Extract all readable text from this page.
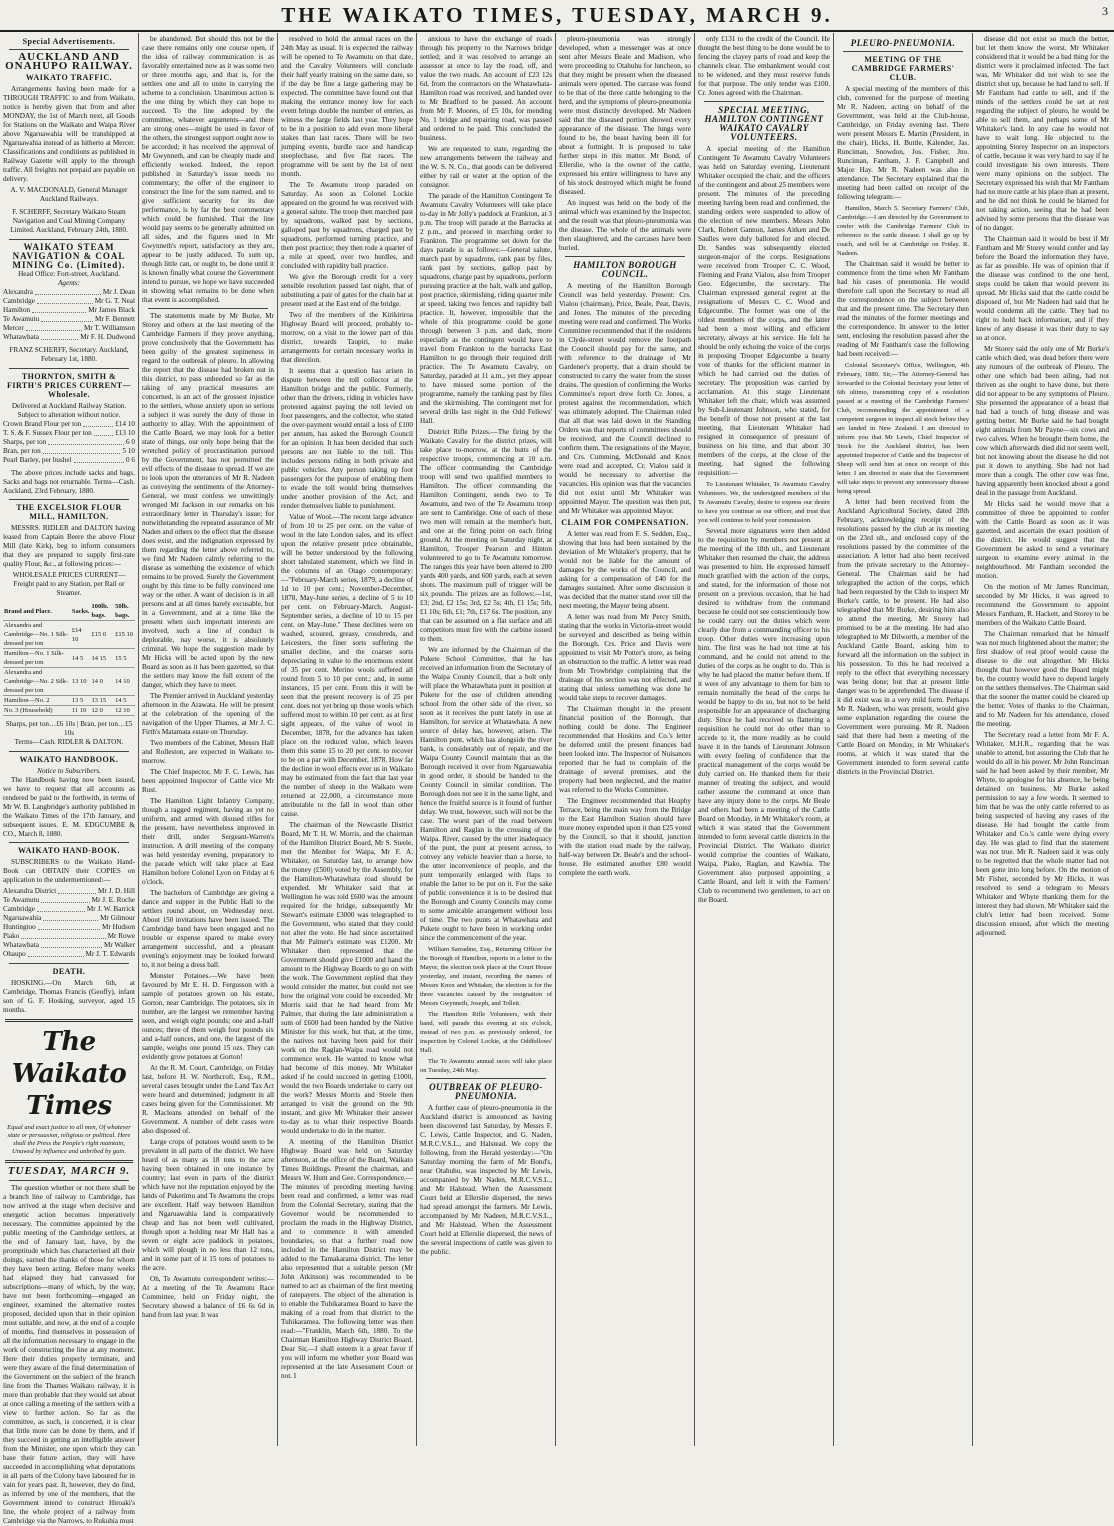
THE WAIKATO TIMES, TUESDAY, MARCH 9.	3
Special Advertisements.
AUCKLAND AND ONAHUPO RAILWAY.
WAIKATO TRAFFIC.
Arrangements having been made for a THROUGH TRAFFIC to and from Waikato, notice is hereby given that from and after MONDAY, the 1st of March next, all Goods for Stations on the Waikato and Waipa River above Ngaruawahia will be transhipped at Ngaruawahia instead of as hitherto at Mercer. Classifications and conditions as published in Railway Gazette will apply to the through traffic. All freights not prepaid are payable on delivery.
A. V. MACDONALD, General Manager Auckland Railways.
F. SCHERFF, Secretary Waikato Steam Navigation and Coal Mining Company Limited. Auckland, February 24th, 1880.
WAIKATO STEAM NAVIGATION & COAL MINING Co. (Limited).
Head Office: Fort-street, Auckland.
Agents:
Alexandra	Mr J. Dean
Cambridge	Mr G. T. Neal
Hamilton	Mr James Black
Te Awamutu	Mr F. Bennett
Mercer	Mr T. Williamson
Whatawhata	Mr F. H. Dudwood
FRANZ SCHERFF, Secretary. Auckland, February 1st, 1880.
THORNTON, SMITH & FIRTH'S PRICES CURRENT—Wholesale.
Delivered at Auckland Railway Station. Subject to alteration without notice.
Crown Brand Flour per ton	£14 10
T. S. & F. Sussex Flour per ton	£13 10
Sharps, per ton	6 0
Bran, per ton	5 10
Pearl Barley, per bushel	0 6
The above prices include sacks and bags. Sacks and bags not returnable. Terms—Cash. Auckland, 23rd February, 1880.
THE EXCELSIOR FLOUR MILL, HAMILTON.
MESSRS. RIDLER and DALTON having leased from Captain Beere the above Flour Mill (late Kirk), beg to inform consumers that they are prepared to supply first-rate quality Flour, &c., at following prices:—
WHOLESALE PRICES CURRENT—Freight paid to any Station, per Rail or Steamer.
Brand and Place.	Sacks.	100lb. bags.	50lb. bags.
Alexandra and Cambridge—No. 1 Silk-dressed per ton	£14 10	£15 0	£15 10
Hamilton—No. 1 Silk-dressed per ton	14 5	14 15	15 5
Alexandra and Cambridge—No. 2 Silk-dressed per ton	13 10	14 0	14 10
Hamilton—No. 2	13 5	13 15	14 5
No. 3 (Household)	11 10	12 0	12 10
Sharps, per ton…£6 10s | Bran, per ton…£5 10s
Terms—Cash. RIDLER & DALTON.
WAIKATO HANDBOOK.
Notice to Subscribers.
The Handbook having now been issued, we have to request that all accounts as rendered be paid to the forthwith, in terms of Mr W. B. Langbridge's authority published in the Waikato Times of the 17th January, and subsequent issues. E. M. EDGCUMBE & CO., March 8, 1880.
WAIKATO HAND-BOOK.
SUBSCRIBERS to the Waikato Hand-Book can OBTAIN their COPIES on application to the undermentioned:—
Alexandra District	Mr J. D. Hill
Te Awamutu	Mr J. E. Roche
Cambridge	Mr J. W. Barrick
Ngaruawahia	Mr Gilmour
Huntingtoo	Mr Hudson
Piako	Mr Rowe
Whatawhata	Mr Walker
Ohaupo	Mr J. T. Edwards
DEATH.
HOSKING.—On March 6th, at Cambridge, Thomas Francis (Geoffy), infant son of G. F. Hosking, surveyor, aged 15 months.
The Waikato Times
Equal and exact justice to all men, Of whatever state or persuasion, religious or political. Here shall the Press the People's right maintain, Unawed by influence and unbribed by gain.
TUESDAY, MARCH 9.
The question whether or not there shall be a branch line of railway to Cambridge, has now arrived at the stage when decisive and energetic action becomes imperatively necessary. The committee appointed by the public meeting of the Cambridge settlers, at the end of January last, have, by the promptitude which has characterised all their doings, earned the thanks of those for whom they have been acting. Before many weeks had elapsed they had canvassed for subscriptions—many of which, by the way, have not been forthcoming—engaged an engineer, examined the alternative routes proposed, decided upon that in their opinion most suitable, and now, at the end of a couple of months, find themselves in possession of all the information necessary to engage in the work of constructing the line at any moment. Here their duties properly terminate, and were they aware of the final determination of the Government on the subject of the branch line from the Thames Waikato railway, it is more than probable that they would set about at once calling a meeting of the settlers with a view to further action. So far as the committee, as such, is concerned, it is clear that little more can be done by them, and if they succeed in getting an intelligible answer from the Minister, one upon which they can base their future action, they will have succeeded in accomplishing what deputations in all parts of the Colony have laboured for in vain for years past. It, however, they do find, as inferred by one of the members, that the Government intend to construct Hiroaki's line, the whole project of a railway from Cambridge via the Narrows, to Rukuhia must
be abandoned. But should this not be the case there remains only one course open, if the idea of railway communication is as favorably entertained now as it was some two or three months ago, and that is, for the settlers one and all to unite in carrying the scheme to a conclusion. Unanimous action is the one thing by which they can hope to succeed. To the line adopted by the committee, whatever arguments—and there are strong ones—might be used in favor of the others, the strongest support ought now to be accorded; it has received the approval of Mr Gwynneth, and can be cheaply made and efficiently worked. Indeed, the report published in Saturday's issue needs no commentary; the offer of the engineer to construct the line for the sum named, and to give sufficient security for its due performance, is by far the best commentary which could be furnished. That the line would pay seems to be generally admitted on all sides, and the figures used in Mr Gwynneth's report, satisfactory as they are, appear to be justly adduced. To sum up, though little can, or ought to, be done until it is known finally what course the Government intend to pursue, we hope we have succeeded in showing what remains to be done when that event is accomplished.
The statements made by Mr Burke, Mr Storey and others at the last meeting of the Cambridge Farmers if they prove anything, prove conclusively that the Government has been guilty of the greatest supineness in regard to the outbreak of pleuro. In allowing the report that the disease had broken out in this district, to pass unheeded so far as the taking of any practical measures are concerned, is an act of the grossest injustice to the settlers, whose anxiety upon so serious a subject it was surely the duty of those in authority to allay. With the appointment of the Cattle Board, we may look for a better state of things, our only hope being that the wretched policy of procrastination pursued by the Government, has not permitted the evil effects of the disease to spread. If we are to look upon the utterances of Mr R. Nadeen as conveying the sentiments of the Attorney-General, we must confess we unwittingly wronged Mr Jackson in our remarks on his extraordinary letter in Thursday's issue; for notwithstanding the repeated assurance of Mr Naden and others to the effect that the disease does exist, and the indignation expressed by them regarding the letter above referred to, we find Mr Nadeen calmly referring to the disease as something the existence of which remains to be proved. Surely the Government ought by this time to be fully convinced one way or the other. A want of decision is in all persons and at all times barely excusable, but in a Government, and at a time like the present when such important interests are involved, such a line of conduct is deplorable, nay worse, it is absolutely criminal. We hope the suggestion made by Mr Hicks will be acted upon by the new Board as soon as it has been gazetted, so that the settlers may know the full extent of the danger, which they have to meet.
The Premier arrived in Auckland yesterday afternoon in the Arawata. He will be present at the celebration of the opening of the navigation of the Upper Thames, at Mr J. C. Firth's Matamata estate on Thursday.
Two members of the Cabinet, Messrs Hall and Rolleston, are expected in Waikato to-morrow.
The Chief Inspector, Mr F. C. Lewis, has been appointed Inspector of Cattle vice Mr Rust.
The Hamilton Light Infantry Company, though a ragged regiment, having as yet no uniform, and armed with disused rifles for the present, have nevertheless improved in their drill, under Sergeant-Warren's instruction. A drill meeting of the company was held yesterday evening, preparatory to the parade which will take place at East Hamilton before Colonel Lyon on Friday at 6 o'clock.
The bachelors of Cambridge are giving a dance and supper in the Public Hall to the settlers round about, on Wednesday next. About 150 invitations have been issued. The Cambridge band have been engaged and no trouble or expense spared to make every arrangement successful, and a pleasant evening's enjoyment may be looked forward to, it not being a dress ball.
Monster Potatoes.—We have been favoured by Mr E. H. D. Fergusson with a sample of potatoes grown on his estate, Gorton, near Cambridge. The potatoes, six in number, are the largest we remember having seen, and weigh eight pounds; one and a-half ounces; three of them weigh four pounds six and a-half ounces, and one, the largest of the sample, weighs one pound 15 ozs. They can evidently grow potatoes at Gorton!
At the R. M. Court, Cambridge, on Friday last, before H. W. Northcroft, Esq., R.M., several cases brought under the Land Tax Act were heard and determined; judgment in all cases being given for the Commissioner. Mr R. Macleans attended on behalf of the Government. A number of debt cases were also disposed of.
Large crops of potatoes would seem to be prevalent in all parts of the district. We have heard of as many as 18 tons to the acre having been obtained in one instance by country; last even in parts of the district which have not the reputation enjoyed by the lands of Pukerimu and Te Awamutu the crops are excellent. Half way between Hamilton and Ngaruawahia land is comparatively cheap and has not been well cultivated, though upon a holding near Mr Hall has a seven or eight acre paddock in potatoes, which will plough in no less than 12 tons, and in some part of it 15 tons of potatoes to the acre.
Oh, Te Awamutu correspondent writes:—At a meeting of the Te Awamutu Race Committee, held on Friday night, the Secretary showed a balance of £6 6s 6d in hand from last year. It was
resolved to hold the annual races on the 24th May as usual. It is expected the railway will be opened to Te Awamutu on that date, and the Cavalry Volunteers will conclude their half yearly training on the same date, so if the day be fine a large gathering may be expected. The committee have found out that making the entrance money low for each event brings double the number of entries, as witness the large fields last year. They hope to be in a position to add even more liberal stakes than last races. There will be two jumping events, hurdle race and handicap steeplechase, and five flat races. The programme will be sent by the 1st of next month.
The Te Awamutu troop paraded on Saturday. As soon as Colonel Lockie appeared on the ground he was received with a general salute. The troop then marched past by squadrons, walked past by sections, galloped past by squadrons, charged past by squadrons, performed turning practice, and then post practice; they then rode a quarter of a mile at speed, over two hurdles, and concluded with rapidity ball practice.
We give the Borough credit for a very sensible resolution passed last night, that of substituting a pair of gates for the chain bar at present used at the East end of the bridge.
Two of the members of the Kirikiriroa Highway Board will proceed, probably to-morrow, on a visit to the lower part of this district, towards Taupiri, to make arrangements for certain necessary works in that direction.
It seems that a question has arisen in dispute between the toll collector at the Hamilton bridge and the public. Formerly, other than the drivers, riding in vehicles have protested against paying the toll levied on foot passengers, and the collector, who stated the over-payment would entail a loss of £100 per annum, has asked the Borough Council for an opinion. It has been decided that such persons are not liable to the toll. This includes persons riding in both private and public vehicles. Any person taking up foot passengers for the purpose of enabling them to evade the toll would bring themselves under another provision of the Act, and render themselves liable to punishment.
Value of Wool.—The recent large advance of from 10 to 25 per cent. on the value of wool in the late London sales, and its effect upon the relative present price obtainable, will be better understood by the following short tabulated statement, which we find in the columns of an Otago contemporary:—"February-March series, 1879, a decline of 1d to 10 per cent.; November-December, 1878, May-June series, a decline of 5 to 10 per cent. on February-March. August-September series, a decline of 10 to 15 per cent. on May-June." These declines were on washed, scoured, greasy, crossbreds, and Leicesters, the finer sorts suffering the smaller decline, and the coarser sorts depreciating in value to the enormous extent of 35 per cent. Merino wools suffered all round from 5 to 10 per cent.; and, in some instances, 15 per cent. From this it will be seen that the present recovery is of 25 per cent. does not yet bring up those wools which suffered most to within 10 per cent. as at first sight appears, of the value of wool in December, 1878, for the advance has taken place on the reduced value, which leaves them this some 15 to 20 per cent. to recover to be on a par with December, 1878. How far the decline in wool effects ever us in Waikato may be estimated from the fact that last year the number of sheep in the Waikato were returned at 22,000, a circumstance more attributable to the fall in wool than other cause.
The chairman of the Newcastle District Board, Mr T. H. W. Morris, and the chairman of the Hamilton District Board, Mr S. Steele, met the Member for Waipa, Mr F. A. Whitaker, on Saturday last, to arrange how the money (£500) voted by the Assembly, for the Hamilton-Whatawhata road should be expended. Mr Whitaker said that at Wellington he was told £600 was the amount required for the bridge, subsequently Mr Stewart's estimate £3000 was telegraphed to the Government, who stated that they could not alter the vote. He had since ascertained that Mr Palmer's estimate was £1200. Mr Whitaker then represented that the Government should give £1000 and hand the amount to the Highway Boards to go on with the work. The Government replied that they would consider the matter, but could not see how the original vote could be exceeded. Mr Morris said that he had heard from Mr Palmer, that during the late administration a sum of £600 had been handed by the Native Minister for this work, but that, at the time, the natives not having been paid for their work on the Raglan-Waipa road would not commence work. He wanted to know what had become of this money. Mr Whitaker asked if he could succeed in getting £1000, would the two Boards undertake to carry out the work? Messrs Morris and Steele then arranged to visit the ground on the 9th instant, and give Mr Whitaker their answer to-day as to what their respective Boards would undertake to do in the matter.
A meeting of the Hamilton District Highway Board was held on Saturday afternoon, at the office of the Board, Waikato Times Buildings. Present the chairman, and Messrs W. Hunt and Gee. Correspondence.—The minutes of preceding meeting having been read and confirmed, a letter was read from the Colonial Secretary, stating that the Governor would be recommended to proclaim the roads in the Highway District, and to commence it with amended boundaries, so that a further road now included in the Hamilton District may be added to the Tamakarama district. The letter also represented that a suitable person (Mr John Atkinson) was recommended to be named to act as chairman of the first meeting of ratepayers. The object of the alteration is to enable the Tuhikaramea Board to have the making of a road from that district to the Tuhikaramea. The following letter was then read:—"Franklin, March 6th, 1880. To the Chairman Hamilton Highway District Board. Dear Sir,—I shall esteem it a great favor if you will inform me whether your Board was represented at the late Assessment Court or not. I
anxious to have the exchange of roads through his property to the Narrows bridge settled; and it was resolved to arrange an assessor at once to lay the road, off, and value the two roads. An account of £23 12s 6d, from the contractors on the Whatawhata-Hamilton road was received, and handed over to Mr Bradford to be passed. An account from Mr F. Moores, of £5 10s, for mending No. 1 bridge and repairing road, was passed and ordered to be paid. This concluded the business.
We are requested to state, regarding the new arrangements between the railway and the W. S. N. Co., that goods can be delivered either by rail or water at the option of the consignor.
The parade of the Hamilton Contingent Te Awamutu Cavalry Volunteers will take place to-day in Mr Jolly's paddock at Frankton, at 3 p.m. The troop will parade at the Barracks at 2 p.m., and proceed in marching order to Frankton. The programme set down for the days parade is as follows:—General salute, march past by squadrons, rank past by files, rank past by sections, gallop past by squadrons, charge past by squadrons, perform pursuing practice at the halt, walk and gallop, post practice, skirmishing, riding quarter mile at speed, taking two fences and rapidity ball practice. It, however, impossible that the whole of this programme could be gone through between 3 p.m. and dark, more especially as the contingent would have to travel from Frankton to the barracks East Hamilton to go through their required drill practice. The Te Awamutu Cavalry, on Saturday, paraded at 11 a.m., yet they appear to have missed some portion of the programme, namely the ranking past by files and the skirmishing. The contingent met for several drills last night in the Odd Fellows' Hall.
District Rifle Prizes.—The firing by the Waikato Cavalry for the district prizes, will take place to-morrow, at the butts of the respective troops, commencing at 10 a.m. The officer commanding the Cambridge troop will send two qualified members to Hamilton. The officer commanding the Hamilton Contingent, sends two to Te Awamutu, and two of the Te Awamutu troop are sent to Cambridge. One of each of these two men will remain at the member's butt, and one at the firing point on each firing ground. At the meeting on Saturday night, at Hamilton, Trooper Pearson and Hinton volunteered to go to Te Awamutu tomorrow. The ranges this year have been altered to 200 yards 400 yards, and 600 yards, each at seven shots. The maximum pull of trigger will be six pounds. The prizes are as follows:—1st, £3; 2nd, £2 15s; 3rd, £2 5s; 4th, £1 15s; 5th, £1 10s; 6th, £1; 7th, £17 6s. The position, any that can be assumed on a flat surface and all competitors must fire with the carbine issued to them.
We are informed by the Chairman of the Pukete School Committee, that he has received an information from the Secretary of the Waipa County Council, that a bolt only will place the Whatawhata punt in position at Pukete for the use of children attending school from the other side of the river, so soon as it receives the punt lately in use at Hamilton, for service at Whatawhata. A new source of delay has, however, arisen. The Hamilton punt, which has alongside the river bank, is considerably out of repair, and the Waipa County Council maintain that as the Borough received it over from Ngaruawahia in good order, it should be handed to the County Council in similar condition. The Borough does not see it in the same light, and hence the fruitful source is it found of further delay. We trust, however, such will not be the case. The worst part of the road between Hamilton and Raglan is the crossing of the Waipa. River, caused by the utter inadequacy of the punt, the punt at present across, to convey any vehicle heavier than a horse, to the utter inconvenience of people, and the punt temporarily enlarged with flaps to enable the latter to be put on it. For the sake of public convenience it is to be desired that the Borough and County Councils may come to some amicable arrangement without loss of time. The two punts at Whatawhata and Pukete ought to have been in working order since the commencement of the year.
William Sarradine, Esq., Returning Officer for the Borough of Hamilton, reports in a letter to the Mayor, the election took place at the Court House yesterday, and instant, recording the names of Messrs Knox and Whitaker, the election is for the three vacancies caused by the resignation of Messrs Gwynneth, Joseph, and Tollett.
The Hamilton Rifle Volunteers, with their band, will parade this evening at six o'clock, instead of two p.m. as previously ordered, for inspection by Colonel Lockie, at the Oddfellows' Hall.
The Te Awamutu annual races will take place on Tuesday, 24th May.
OUTBREAK OF PLEURO-PNEUMONIA.
A further case of pleuro-pneumonia in the Auckland district is announced as having been discovered last Saturday, by Messrs F. C. Lewis, Cattle Inspector, and G. Naden, M.R.C.V.S.L., and Halstead. We copy the following, from the Herald yesterday:—"On Saturday morning the farm of Mr Bond's, near Otahuhu, was inspected by Mr Lewis, accompanied by Mr Naden, M.R.C.V.S.L., and Mr Halstead. When the Assessment Court held at Ellerslie dispersed, the news had spread amongst the farmers. Mr Lewis, accompanied by Mr Nadeen, M.R.C.V.S.L., and Mr Halstead. When the Assessment Court held at Ellerslie dispersed, the news of the several inspections of cattle was given to the public.
pleuro-pneumonia was strongly developed, when a messenger was at once sent after Messrs Beale and Madison, who were proceeding to Otahuhu for luncheon, so that they might be present when the diseased animals were opened. The carcase was found to be that of the three cattle belonging to the herd, and the symptoms of pleuro-pneumonia were most distinctly developed. Mr Nadeen said that the diseased portion showed every appearance of the disease. The lungs were found to be, the beast having been ill for about a fortnight. It is proposed to take further steps in this matter. Mr Bond, of Ellerslie, who is the owner of the cattle, expressed his entire willingness to have any of his stock destroyed which might be found diseased.
An inquest was held on the body of the animal which was examined by the Inspector, and the result was that pleuro-pneumonia was the disease. The whole of the animals were then slaughtered, and the carcases have been buried.
HAMILTON BOROUGH COUNCIL.
A meeting of the Hamilton Borough Council was held yesterday. Present: Crs. Vialou (chairman), Price, Beale, Peat, Davis, and Jones. The minutes of the preceding meeting were read and confirmed. The Works Committee recommended that if the residents in Clyde-street would remove the footpath the Council should pay for the same, and with reference to the drainage of Mr Gardener's property, that a drain should be constructed to carry the water from the street drains. The question of confirming the Works Committee's report drew forth Cr. Jones, a protest against the recommendation, which was ultimately adopted. The Chairman ruled that all that was laid down in the Standing Orders was that reports of committees should be received, and the Council declined to confirm them. The resignations of the Mayor, and Crs. Cumming, McDonald and Knox were read and accepted. Cr. Vialou said it would be necessary to advertise the vacancies. His opinion was that the vacancies did not exist until Mr Whitaker was appointed Mayor. The question was then put, and Mr Whitaker was appointed Mayor.
CLAIM FOR COMPENSATION.
A letter was read from F. S. Sedden, Esq., showing that loss had been sustained by the deviation of Mr Whitaker's property, that he would not be liable for the amount of damages by the works of the Council, and asking for a compensation of £40 for the damages sustained. After some discussion it was decided that the matter stand over till the next meeting, the Mayor being absent.
A letter was read from Mr Percy Smith, stating that the works in Victoria-street would be surveyed and described as being within the Borough. Crs. Price and Davis were appointed to visit Mr Potter's store, as being an obstruction to the traffic. A letter was read from Mr Trowbridge complaining that the drainage of his section was not effected, and stating that unless something was done he would take steps to recover damages.
The Chairman thought in the present financial position of the Borough, that nothing could be done. The Engineer recommended that Hoskins and Co.'s letter be deferred until the present finances had been looked into. The Inspector of Nuisances reported that he had to complain of the drainage of several premises, and the property had been neglected, and the matter was referred to the Works Committee.
The Engineer recommended that Heaphy Terrace, being the main way from the Bridge to the East Hamilton Station should have more money expended upon it than £25 voted by the Council, so that it should, junction with the station road made by the railway, half-way between Dr. Beale's and the school-house. He estimated another £80 would complete the earth work.
only £131 to the credit of the Council. He thought the best thing to be done would be to fencing the clayey parts of road and keep the channels clear. The embankment would cost to be widened, and they must reserve funds for that purpose. The only tender was £100. Cr. Jones agreed with the Chairman.
SPECIAL MEETING, HAMILTON CONTINGENT WAIKATO CAVALRY VOLUNTEERS.
A special meeting of the Hamilton Contingent Te Awamutu Cavalry Volunteers was held on Saturday evening, Lieutenant Whitaker occupied the chair, and the officers of the contingent and about 25 members were present. The minutes of the preceding meeting having been read and confirmed, the standing orders were suspended to allow of the election of new members. Messrs John Clark, Robert Gannon, James Aitken and De Saulles were duly balloted for and elected. Dr. Sandes was subsequently elected surgeon-major of the corps. Resignations were received from Trooper C. C. Wood, Fleming and Franz Vialou, also from Trooper Geo. Edgecumbe, the secretary. The Chairman expressed general regret at the resignations of Messrs C. C. Wood and Edgecumbe. The former was one of the oldest members of the corps, and the latter had been a most willing and efficient secretary, always at his service. He felt he should be only echoing the voice of the corps in proposing Trooper Edgecumbe a hearty vote of thanks for the efficient manner in which he had carried out the duties of secretary. The proposition was carried by acclamation. At this stage Lieutenant Whitaker left the chair, which was assumed by Sub-Lieutenant Johnson, who stated, for the benefit of those not present at the last meeting, that Lieutenant Whitaker had resigned in consequence of pressure of business on his time, and that about 30 members of the corps, at the close of the meeting, had signed the following requisition:—
To Lieutenant Whitaker, Te Awamutu Cavalry Volunteers. We, the undersigned members of the Te Awamutu Cavalry, desire to express our desire to have you continue as our officer, and trust that you will continue to hold your commission.
Several more signatures were then added to the requisition by members not present at the meeting of the 18th ult., and Lieutenant Whitaker then resumed the chair, the address was presented to him. He expressed himself much gratified with the action of the corps, and stated, for the information of those not present on a previous occasion, that he had desired to withdraw from the command because he could not see conscientiously how he could carry out the duties which were clearly due from a commanding officer to his troop. Other duties were increasing upon him. The first was he had not time at his command, and he could not attend to the duties of the corps as he ought to do. This is why he had placed the matter before them. If it were of any advantage to them for him to remain nominally the head of the corps he would be happy to do so, but not to be held responsible for an appearance of discharging duty. Since he had received so flattering a requisition he could not do other than to accede to it, the more readily as he could leave it in the hands of Lieutenant Johnson with every feeling of confidence that the practical management of the corps would be duly carried on. He thanked them for their manner of treating the subject, and would rather assume the command at once than have any injury done to the corps. Mr Beale and others had been a meeting of the Cattle Board on Monday, in Mr Whitaker's room, at which it was stated that the Government intended to form several cattle districts in the Provincial District. The Waikato district would comprise the counties of Waikato, Waipa, Piako, Raglan, and Kawhia. The Government also purposed appointing a Cattle Board, and left it with the Farmers' Club to recommend two gentlemen, to act on the Board.
PLEURO-PNEUMONIA.
MEETING OF THE CAMBRIDGE FARMERS' CLUB.
A special meeting of the members of this club, convened for the purpose of meeting Mr R. Nadeen, acting on behalf of the Government, was held at the Club-house, Cambridge, on Friday evening last. There were present Messrs E. Martin (President, in the chair), Hicks, H. Buttle, Kalender, Jas. Runciman, Snowdon, Jos. Fisher, Jno. Runciman, Fantham, J. F. Campbell and Major Hay. Mr R. Nadeen was also in attendance. The Secretary explained that the meeting had been called on receipt of the following telegram:—
Hamilton, March 5. Secretary Farmers' Club, Cambridge.—I am directed by the Government to confer with the Cambridge Farmers' Club in reference to the cattle disease. I shall go up by coach, and will be at Cambridge on Friday. R. Nadeen.
The Chairman said it would be better to commence from the time when Mr Fantham had his cases of pneumonia. He would therefore call upon the Secretary to read all the correspondence on the subject between that and the present time. The Secretary then read the minutes of the former meetings and the correspondence. In answer to the letter sent, enclosing the resolution passed after the reading of Mr Fantham's case the following had been received:—
Colonial Secretary's Office, Wellington, 4th February, 1880. Sir,—The Attorney-General has forwarded to the Colonial Secretary your letter of 6th ultimo, transmitting copy of a resolution passed at a meeting of the Cambridge Farmers' Club, recommending the appointment of a competent surgeon to inspect all stock before they are landed in New Zealand. I am directed to inform you that Mr Lewis, Chief Inspector of Stock for the Auckland district, has been appointed Inspector of Cattle and the Inspector of Sheep will send him at once on receipt of this letter. I am directed to state that the Government will take steps to prevent any unnecessary disease being spread.
A letter had been received from the Auckland Agricultural Society, dated 28th February, acknowledging receipt of the resolutions passed by the club at its meeting on the 23rd ult., and enclosed copy of the resolutions passed by the committee of the association. A letter had also been received from the private secretary to the Attorney-General. The Chairman said he had telegraphed the action of the corps, which had been requested by the Club to inspect Mr Burke's cattle, to be present. He had also telegraphed that Mr Burke, desiring him also to attend the meeting. Mr Storey had promised to be at the meeting. He had also telegraphed to Mr Dilworth, a member of the Auckland Cattle Board, asking him to forward all the information on the subject in his possession. To this he had received a reply to the effect that everything necessary was being done; but that at present little danger was to be apprehended. The disease if it did exist was in a very mild form. Perhaps Mr R. Nadeen, who was present, would give some explanation regarding the course the Government were pursuing. Mr R. Nadeen said that there had been a meeting of the Cattle Board on Monday, in Mr Whitaker's rooms, at which it was stated that the Government intended to form several cattle districts in the Provincial District.
disease did not exist so much the better, but let them know the worst. Mr Whitaker considered that it would be a bad thing for the district were it proclaimed infected. The fact was, Mr Whitaker did not wish to see the district shut up, because he had land to sell. If Mr Fantham had cattle to sell, and if the minds of the settlers could be set at rest regarding the subject of pleuro, he would be able to sell them, and perhaps some of Mr Whitaker's land. In any case he would not have to wait long. He objected to the appointing Storey Inspector on an inspectors of cattle, because it was very hard to say if he could investigate his own interests. There were many opinions on the subject. The Secretary expressed his wish that Mr Fantham had no more cattle at his place than at present, and he did not think he could be blamed for not taking action, seeing that he had been advised by some persons that the disease was of no danger.
The Chairman said it would be best if Mr Fantham and Mr Storey would confer and lay before the Board the information they have, as far as possible. He was of opinion that if the disease was confined to the one herd, steps could be taken that would prevent its spread. Mr Hicks said that the cattle could be disposed of, but Mr Nadeen had said that he would condemn all the cattle. They had no right to hold back information, and if they knew of any disease it was their duty to say so at once.
Mr Storey said the only one of Mr Burke's cattle which died, was dead before there were any rumours of the outbreak of Pleuro. The other one which had been ailing, had not thriven as she ought to have done, but there did not appear to be any symptoms of Pleuro. She presented the appearance of a beast that had had a touch of lung disease and was getting better. Mr Burke said he had bought eight animals from Mr Payne—six cows and two calves. When he brought them home, the cow which afterwards died did not seem well, but not knowing about the disease he did not put it down to anything. She had not had more than a cough. The other cow was fine, having apparently been knocked about a good deal in the passage from Auckland.
Mr Hicks said he would move that a committee of three be appointed to confer with the Cattle Board as soon as it was gazetted, and ascertain the exact position of the district. He would suggest that the Government be asked to send a veterinary surgeon to examine every animal in the neighbourhood. Mr Fantham seconded the motion.
On the motion of Mr James Runciman, seconded by Mr Hicks, it was agreed to recommend the Government to appoint Messrs Fantham, R. Hackett, and Storey to be members of the Waikato Cattle Board.
The Chairman remarked that he himself was not much frightened about the matter; the first shadow of real proof would cause the disease to die out altogether. Mr Hicks thought that however good the Board might be, the country would have to depend largely on the settlers themselves. The Chairman said that the sooner the matter could be cleared up the better. Votes of thanks to the Chairman, and to Mr Nadeen for his attendance, closed the meeting.
The Secretary read a letter from Mr F. A. Whitaker, M.H.R., regarding that he was unable to attend, but assuring the Club that he would do all in his power. Mr John Runciman said he had been asked by their member, Mr Whyte, to apologise for his absence, he being detained on business. Mr Burke asked permission to say a few words. It seemed to him that he was the only cattle referred to as being suspected of having any cases of the disease. He had bought the cattle from Whitaker and Co.'s cattle were dying every day. He was glad to find that the statement was not true. Mr R. Nadeen said it was only to be regretted that the whole matter had not been gone into long before. On the motion of Mr Fisher, seconded by Mr Hicks, it was resolved to send a telegram to Messrs Whitaker and Whyte thanking them for the interest they had shown. Mr Whitaker said the club's letter had been received. Some discussion ensued, after which the meeting adjourned.
